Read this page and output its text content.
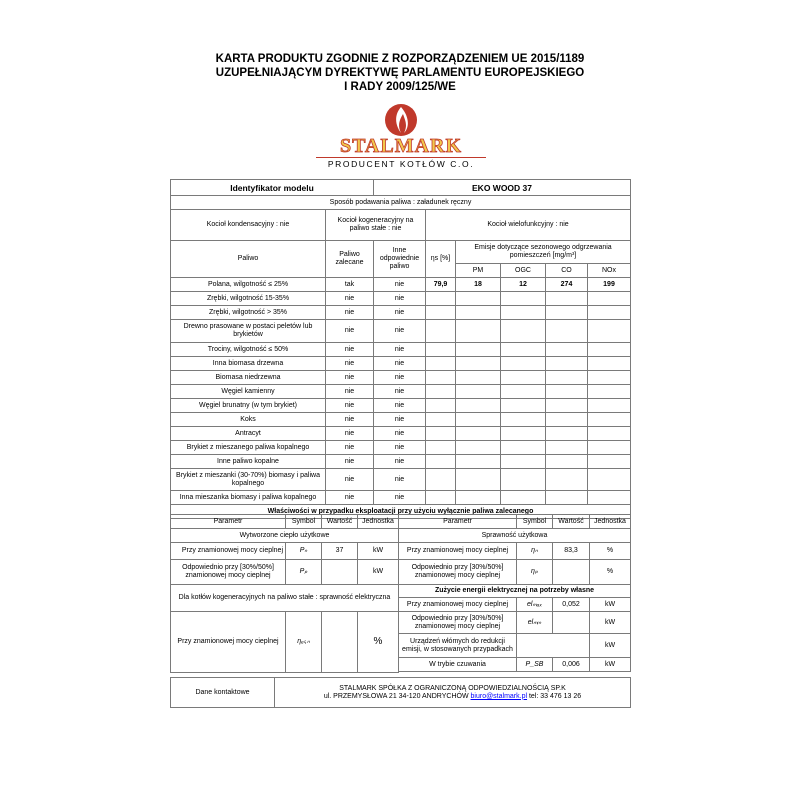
KARTA PRODUKTU ZGODNIE Z ROZPORZĄDZENIEM UE 2015/1189
UZUPEŁNIAJĄCYM DYREKTYWĘ PARLAMENTU EUROPEJSKIEGO
I RADY 2009/125/WE
STALMARK
PRODUCENT KOTŁÓW C.O.
Identyfikator modelu		EKO WOOD 37					
Sposób podawania paliwa : załadunek ręczny							
Kocioł kondensacyjny : nie	Kocioł kogeneracyjny na paliwo stałe : nie		Kocioł wielofunkcyjny : nie				
Paliwo	Paliwo zalecane	Inne odpowiednie paliwo	ηs [%]	Emisje dotyczące sezonowego odgrzewania pomieszczeń [mg/m³]			
				PM	OGC	CO	NOx
Polana, wilgotność ≤ 25%	tak	nie	79,9	18	12	274	199
Zrębki, wilgotność 15-35%	nie	nie					
Zrębki, wilgotność > 35%	nie	nie					
Drewno prasowane w postaci peletów lub brykietów	nie	nie					
Trociny, wilgotność ≤ 50%	nie	nie					
Inna biomasa drzewna	nie	nie					
Biomasa niedrzewna	nie	nie					
Węgiel kamienny	nie	nie					
Węgiel brunatny (w tym brykiet)	nie	nie					
Koks	nie	nie					
Antracyt	nie	nie					
Brykiet z mieszanego paliwa kopalnego	nie	nie					
Inne paliwo kopalne	nie	nie					
Brykiet z mieszanki (30-70%) biomasy i paliwa kopalnego	nie	nie					
Inna mieszanka biomasy i paliwa kopalnego	nie	nie					
Właściwości w przypadku eksploatacji przy użyciu wyłącznie paliwa zalecanego							
Parametr	Symbol	Wartość	Jednostka
Wytworzone ciepło użytkowe			
Przy znamionowej mocy cieplnej	Pₙ	37	kW
Odpowiednio przy [30%/50%] znamionowej mocy cieplnej	Pₚ		kW
Dla kotłów kogeneracyjnych na paliwo stałe : sprawność elektryczna			
Przy znamionowej mocy cieplnej	ηₑₗ,ₙ		%
Parametr	Symbol	Wartość	Jednostka
Sprawność użytkowa			
Przy znamionowej mocy cieplnej	ηₙ	83,3	%
Odpowiednio przy [30%/50%] znamionowej mocy cieplnej	ηₚ		%
Zużycie energii elektrycznej na potrzeby własne			
Przy znamionowej mocy cieplnej	elₘₐₓ	0,052	kW
Odpowiednio przy [30%/50%] znamionowej mocy cieplnej	elₘᵢₙ		kW
Urządzeń włómych do redukcji emisji, w stosowanych przypadkach			kW
W trybie czuwania	P_SB	0,006	kW
Dane kontaktowe	
STALMARK SPÓŁKA Z OGRANICZONĄ ODPOWIEDZIALNOŚCIĄ SP.K
ul. PRZEMYSŁOWA 21 34-120 ANDRYCHÓW biuro@stalmark.pl tel: 33 476 13 26
